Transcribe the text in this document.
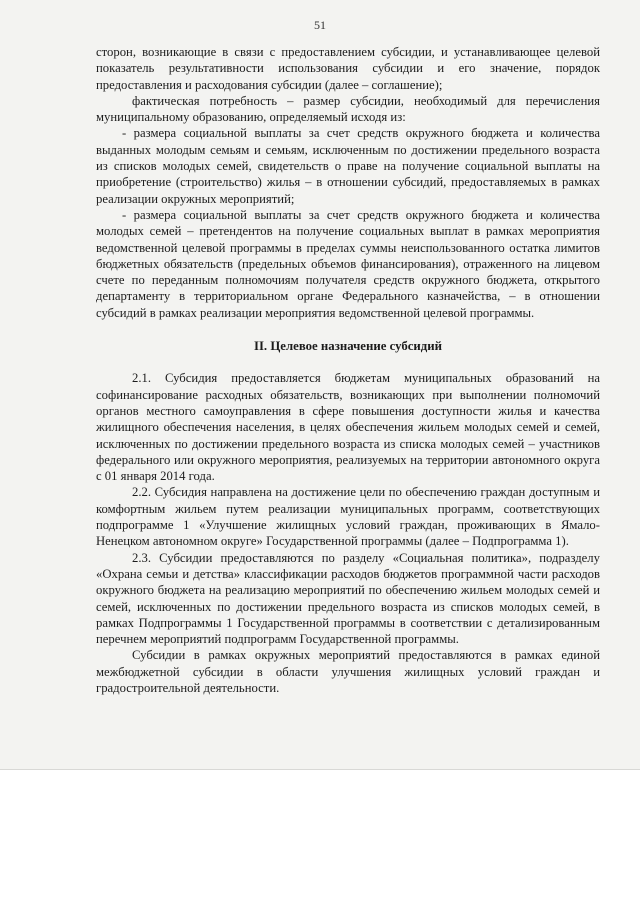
51

сторон, возникающие в связи с предоставлением субсидии, и устанавливающее целевой показатель результативности использования субсидии и его значение, порядок предоставления и расходования субсидии (далее – соглашение);

фактическая потребность – размер субсидии, необходимый для перечисления муниципальному образованию, определяемый исходя из:

- размера социальной выплаты за счет средств окружного бюджета и количества выданных молодым семьям и семьям, исключенным по достижении предельного возраста из списков молодых семей, свидетельств о праве на получение социальной выплаты на приобретение (строительство) жилья – в отношении субсидий, предоставляемых в рамках реализации окружных мероприятий;

- размера социальной выплаты за счет средств окружного бюджета и количества молодых семей – претендентов на получение социальных выплат в рамках мероприятия ведомственной целевой программы в пределах суммы неиспользованного остатка лимитов бюджетных обязательств (предельных объемов финансирования), отраженного на лицевом счете по переданным полномочиям получателя средств окружного бюджета, открытого департаменту в территориальном органе Федерального казначейства, – в отношении субсидий в рамках реализации мероприятия ведомственной целевой программы.

II. Целевое назначение субсидий

2.1. Субсидия предоставляется бюджетам муниципальных образований на софинансирование расходных обязательств, возникающих при выполнении полномочий органов местного самоуправления в сфере повышения доступности жилья и качества жилищного обеспечения населения, в целях обеспечения жильем молодых семей и семей, исключенных по достижении предельного возраста из списка молодых семей – участников федерального или окружного мероприятия, реализуемых на территории автономного округа с 01 января 2014 года.

2.2. Субсидия направлена на достижение цели по обеспечению граждан доступным и комфортным жильем путем реализации муниципальных программ, соответствующих подпрограмме 1 «Улучшение жилищных условий граждан, проживающих в Ямало-Ненецком автономном округе» Государственной программы (далее – Подпрограмма 1).

2.3. Субсидии предоставляются по разделу «Социальная политика», подразделу «Охрана семьи и детства» классификации расходов бюджетов программной части расходов окружного бюджета на реализацию мероприятий по обеспечению жильем молодых семей и семей, исключенных по достижении предельного возраста из списков молодых семей, в рамках Подпрограммы 1 Государственной программы в соответствии с детализированным перечнем мероприятий подпрограмм Государственной программы.

Субсидии в рамках окружных мероприятий предоставляются в рамках единой межбюджетной субсидии в области улучшения жилищных условий граждан и градостроительной деятельности.
